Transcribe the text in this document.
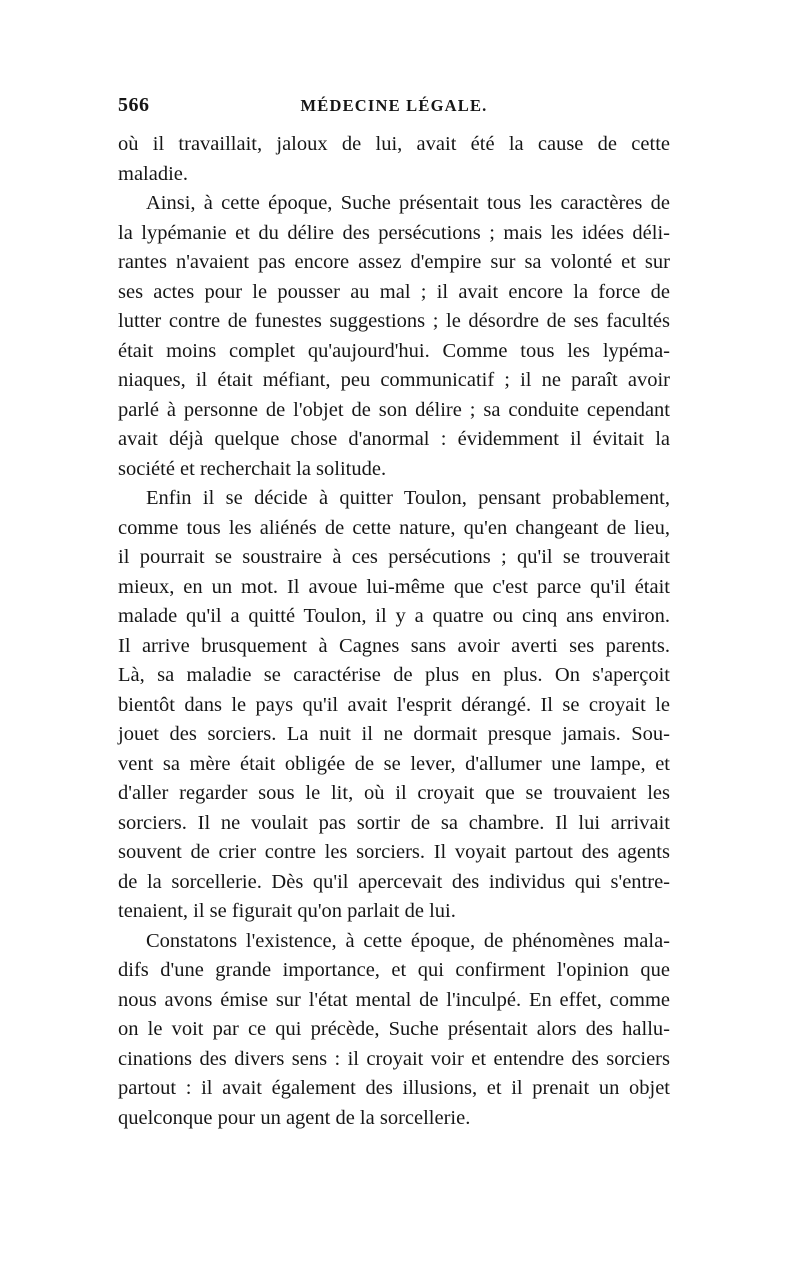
566	MÉDECINE LÉGALE.
où il travaillait, jaloux de lui, avait été la cause de cette
maladie.
Ainsi, à cette époque, Suche présentait tous les caractères de
la lypémanie et du délire des persécutions ; mais les idées déli-
rantes n'avaient pas encore assez d'empire sur sa volonté et sur
ses actes pour le pousser au mal ; il avait encore la force de
lutter contre de funestes suggestions ; le désordre de ses facultés
était moins complet qu'aujourd'hui. Comme tous les lypéma-
niaques, il était méfiant, peu communicatif ; il ne paraît avoir
parlé à personne de l'objet de son délire ; sa conduite cependant
avait déjà quelque chose d'anormal : évidemment il évitait la
société et recherchait la solitude.
Enfin il se décide à quitter Toulon, pensant probablement,
comme tous les aliénés de cette nature, qu'en changeant de lieu,
il pourrait se soustraire à ces persécutions ; qu'il se trouverait
mieux, en un mot. Il avoue lui-même que c'est parce qu'il était
malade qu'il a quitté Toulon, il y a quatre ou cinq ans environ.
Il arrive brusquement à Cagnes sans avoir averti ses parents.
Là, sa maladie se caractérise de plus en plus. On s'aperçoit
bientôt dans le pays qu'il avait l'esprit dérangé. Il se croyait le
jouet des sorciers. La nuit il ne dormait presque jamais. Sou-
vent sa mère était obligée de se lever, d'allumer une lampe, et
d'aller regarder sous le lit, où il croyait que se trouvaient les
sorciers. Il ne voulait pas sortir de sa chambre. Il lui arrivait
souvent de crier contre les sorciers. Il voyait partout des agents
de la sorcellerie. Dès qu'il apercevait des individus qui s'entre-
tenaient, il se figurait qu'on parlait de lui.
Constatons l'existence, à cette époque, de phénomènes mala-
difs d'une grande importance, et qui confirment l'opinion que
nous avons émise sur l'état mental de l'inculpé. En effet, comme
on le voit par ce qui précède, Suche présentait alors des hallu-
cinations des divers sens : il croyait voir et entendre des sorciers
partout : il avait également des illusions, et il prenait un objet
quelconque pour un agent de la sorcellerie.
